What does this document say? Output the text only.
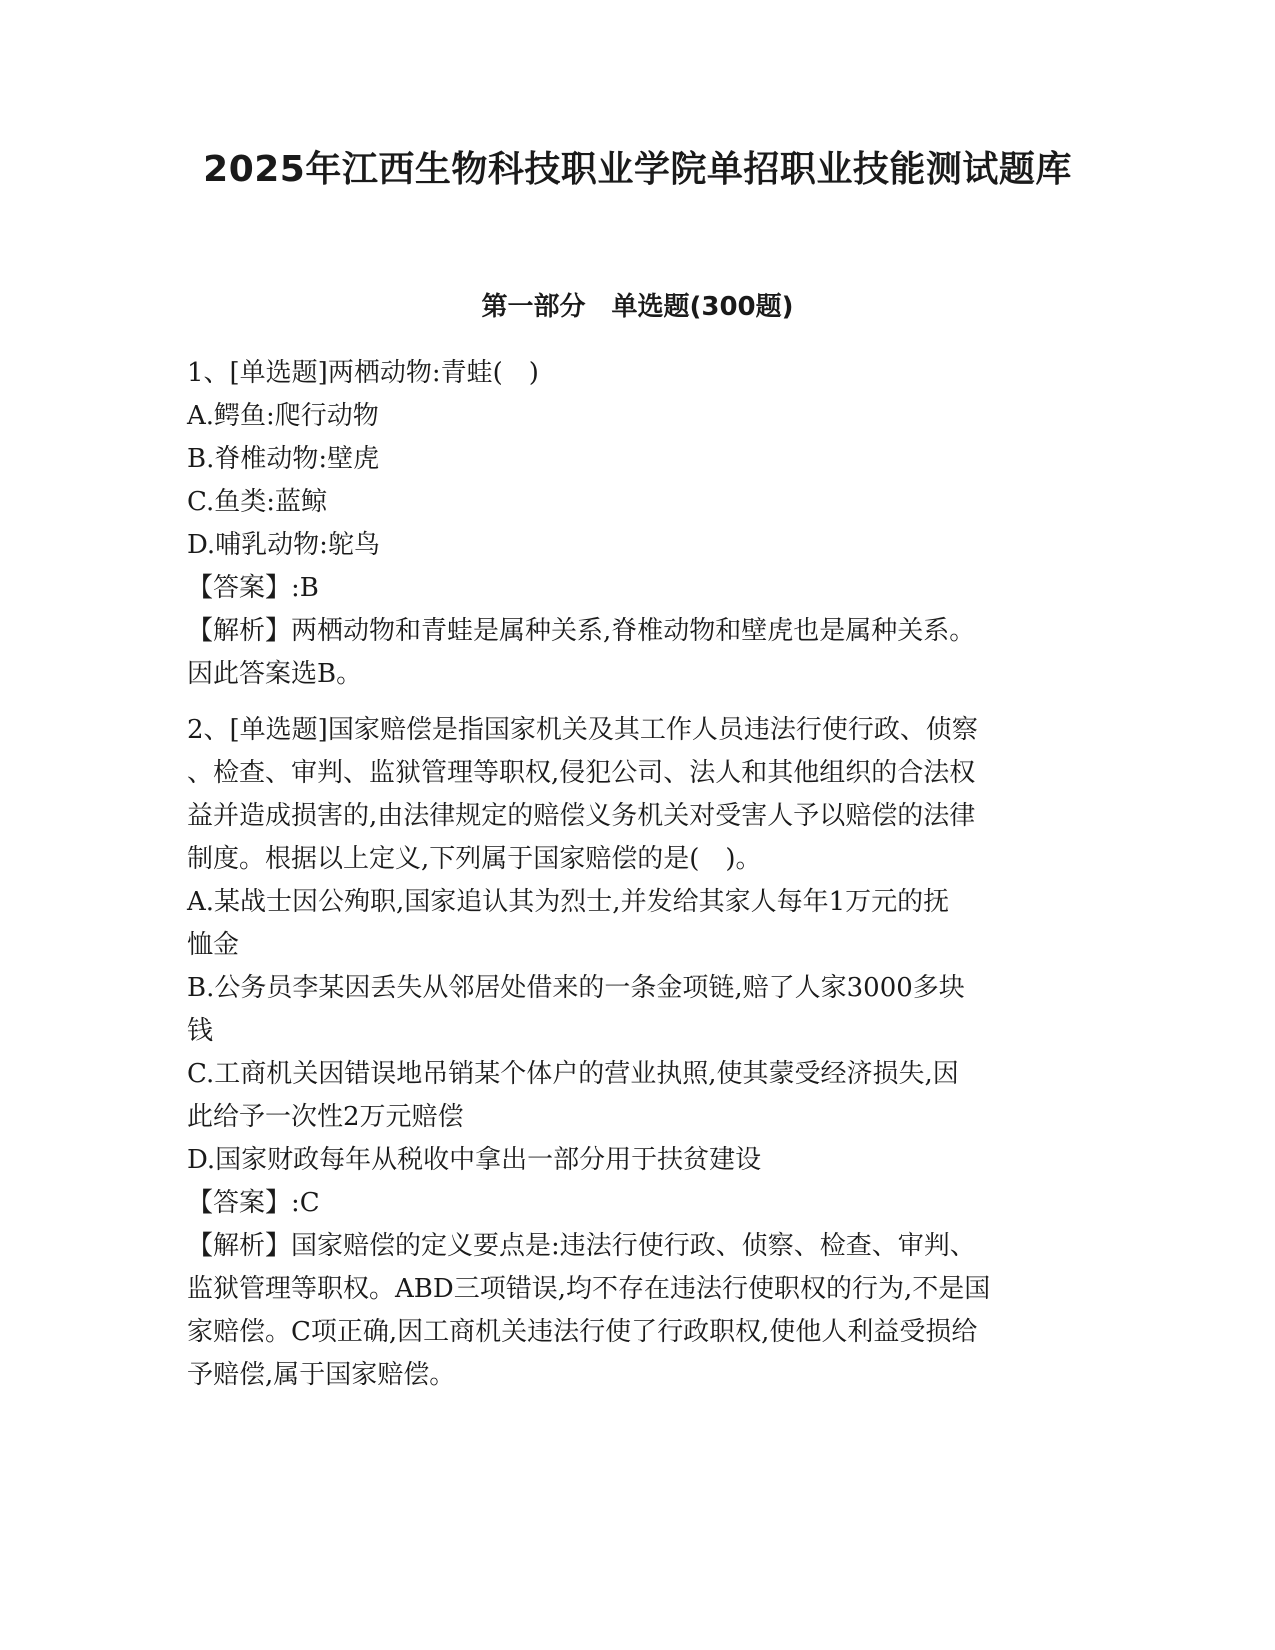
2025年江西生物科技职业学院单招职业技能测试题库
第一部分　单选题(300题)
1、[单选题]两栖动物:青蛙(　)
A.鳄鱼:爬行动物
B.脊椎动物:壁虎
C.鱼类:蓝鲸
D.哺乳动物:鸵鸟
【答案】:B
【解析】两栖动物和青蛙是属种关系,脊椎动物和壁虎也是属种关系。
因此答案选B。
2、[单选题]国家赔偿是指国家机关及其工作人员违法行使行政、侦察
、检查、审判、监狱管理等职权,侵犯公司、法人和其他组织的合法权
益并造成损害的,由法律规定的赔偿义务机关对受害人予以赔偿的法律
制度。根据以上定义,下列属于国家赔偿的是(　)。
A.某战士因公殉职,国家追认其为烈士,并发给其家人每年1万元的抚
恤金
B.公务员李某因丢失从邻居处借来的一条金项链,赔了人家3000多块
钱
C.工商机关因错误地吊销某个体户的营业执照,使其蒙受经济损失,因
此给予一次性2万元赔偿
D.国家财政每年从税收中拿出一部分用于扶贫建设
【答案】:C
【解析】国家赔偿的定义要点是:违法行使行政、侦察、检查、审判、
监狱管理等职权。ABD三项错误,均不存在违法行使职权的行为,不是国
家赔偿。C项正确,因工商机关违法行使了行政职权,使他人利益受损给
予赔偿,属于国家赔偿。
